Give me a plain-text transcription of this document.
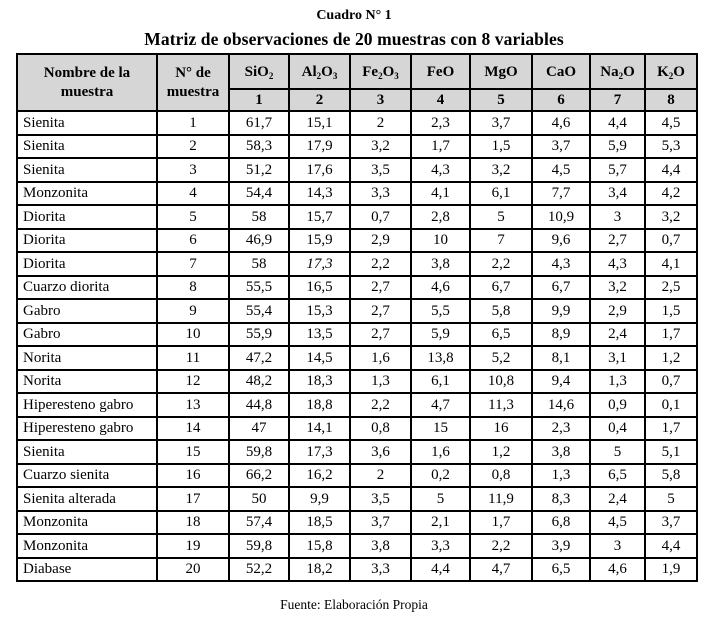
Cuadro N° 1
Matriz de observaciones de 20 muestras con 8 variables
Nombre de la
muestra	N° de
muestra	SiO$_2$	$Al_2O_3$	$Fe_2O_3$	FeO	MgO	CaO	$Na_2O$	$K_2O$
		1	2	3	4	5	6	7	8
Sienita	1	61,7	15,1	2	2,3	3,7	4,6	4,4	4,5
Sienita	2	58,3	17,9	3,2	1,7	1,5	3,7	5,9	5,3
Sienita	3	51,2	17,6	3,5	4,3	3,2	4,5	5,7	4,4
Monzonita	4	54,4	14,3	3,3	4,1	6,1	7,7	3,4	4,2
Diorita	5	58	15,7	0,7	2,8	5	10,9	3	3,2
Diorita	6	46,9	15,9	2,9	10	7	9,6	2,7	0,7
Diorita	7	58	17,3	2,2	3,8	2,2	4,3	4,3	4,1
Cuarzo diorita	8	55,5	16,5	2,7	4,6	6,7	6,7	3,2	2,5
Gabro	9	55,4	15,3	2,7	5,5	5,8	9,9	2,9	1,5
Gabro	10	55,9	13,5	2,7	5,9	6,5	8,9	2,4	1,7
Norita	11	47,2	14,5	1,6	13,8	5,2	8,1	3,1	1,2
Norita	12	48,2	18,3	1,3	6,1	10,8	9,4	1,3	0,7
Hiperesteno gabro	13	44,8	18,8	2,2	4,7	11,3	14,6	0,9	0,1
Hiperesteno gabro	14	47	14,1	0,8	15	16	2,3	0,4	1,7
Sienita	15	59,8	17,3	3,6	1,6	1,2	3,8	5	5,1
Cuarzo sienita	16	66,2	16,2	2	0,2	0,8	1,3	6,5	5,8
Sienita alterada	17	50	9,9	3,5	5	11,9	8,3	2,4	5
Monzonita	18	57,4	18,5	3,7	2,1	1,7	6,8	4,5	3,7
Monzonita	19	59,8	15,8	3,8	3,3	2,2	3,9	3	4,4
Diabase	20	52,2	18,2	3,3	4,4	4,7	6,5	4,6	1,9
Fuente: Elaboración Propia
